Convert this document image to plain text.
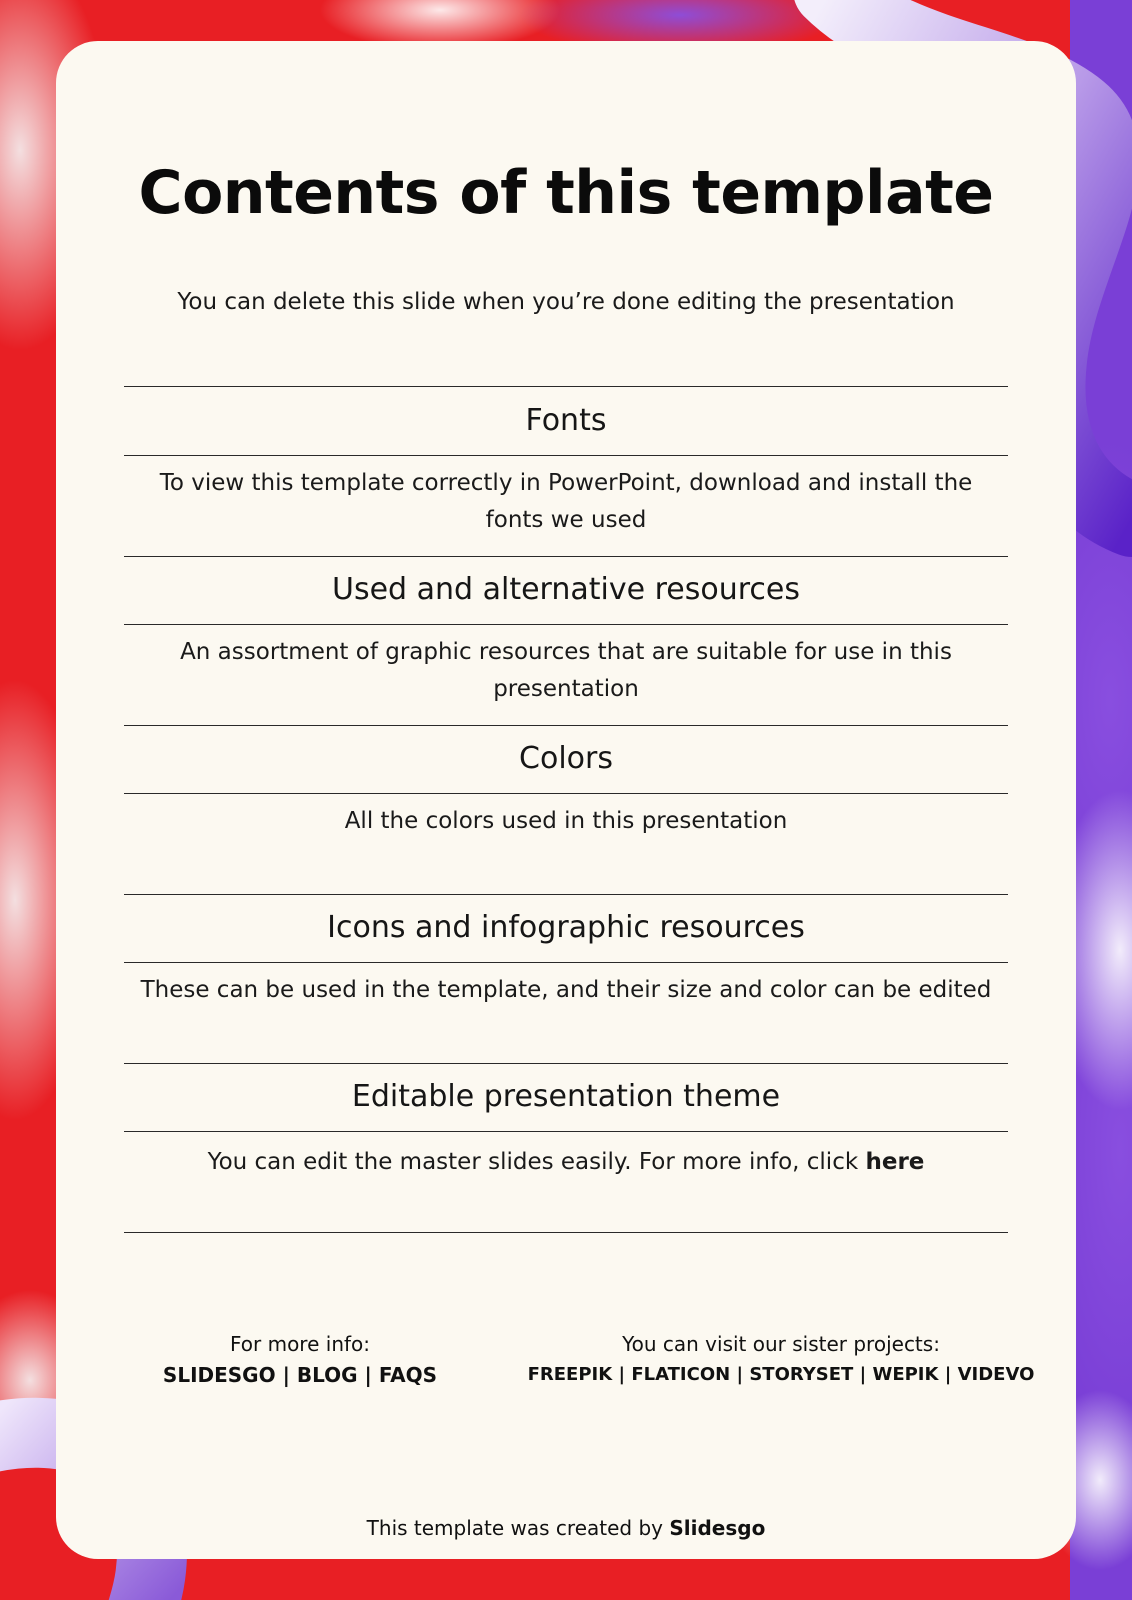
Contents of this template

You can delete this slide when you’re done editing the presentation

Fonts
To view this template correctly in PowerPoint, download and install the fonts we used
Used and alternative resources
An assortment of graphic resources that are suitable for use in this presentation
Colors
All the colors used in this presentation
Icons and infographic resources
These can be used in the template, and their size and color can be edited
Editable presentation theme
You can edit the master slides easily. For more info, click here
For more info:
SLIDESGO | BLOG | FAQS
You can visit our sister projects:
FREEPIK | FLATICON | STORYSET | WEPIK | VIDEVO
This template was created by Slidesgo
